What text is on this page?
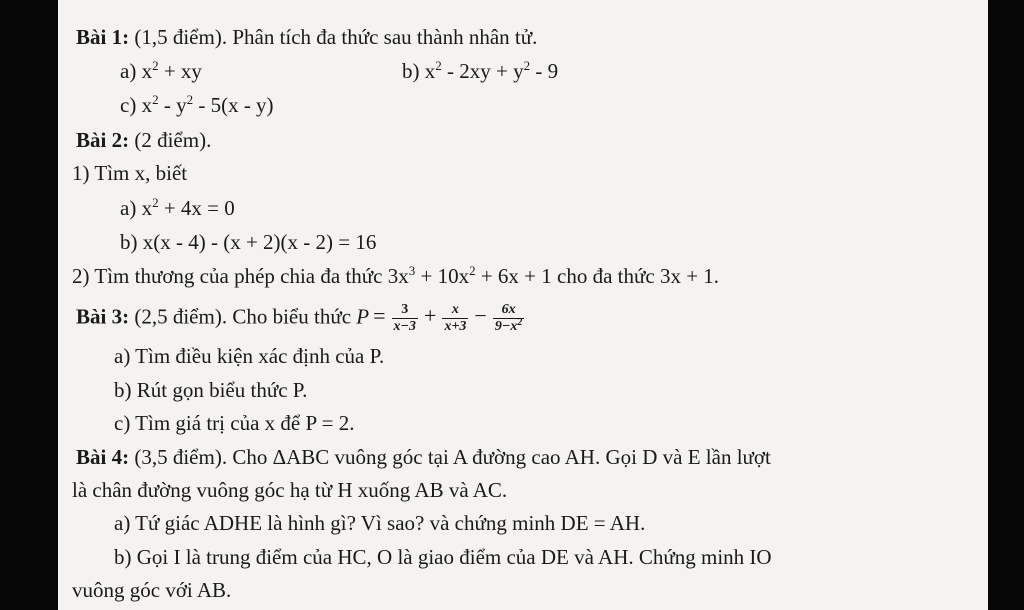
Bài 1: (1,5 điểm). Phân tích đa thức sau thành nhân tử.
a) $x^2$ + xy	b) $x^2 - 2xy + y^2 - 9$
c) $x^2 - y^2 - 5(x - y)$
Bài 2: (2 điểm).
1) Tìm x, biết
a) $x^2 + 4x = 0$
b) x(x - 4) - (x + 2)(x - 2) = 16
2) Tìm thương của phép chia đa thức $3x^3 + 10x^2 + 6x + 1$ cho đa thức 3x + 1.
Bài 3: (2,5 điểm). Cho biểu thức $P = \frac{3}{x-3} + \frac{x}{x+3} - \frac{6x}{9-x^2}$
a) Tìm điều kiện xác định của P.
b) Rút gọn biểu thức P.
c) Tìm giá trị của x để P = 2.
Bài 4: (3,5 điểm). Cho ΔABC vuông góc tại A đường cao AH. Gọi D và E lần lượt
là chân đường vuông góc hạ từ H xuống AB và AC.
a) Tứ giác ADHE là hình gì? Vì sao? và chứng minh DE = AH.
b) Gọi I là trung điểm của HC, O là giao điểm của DE và AH. Chứng minh IO
vuông góc với AB.
